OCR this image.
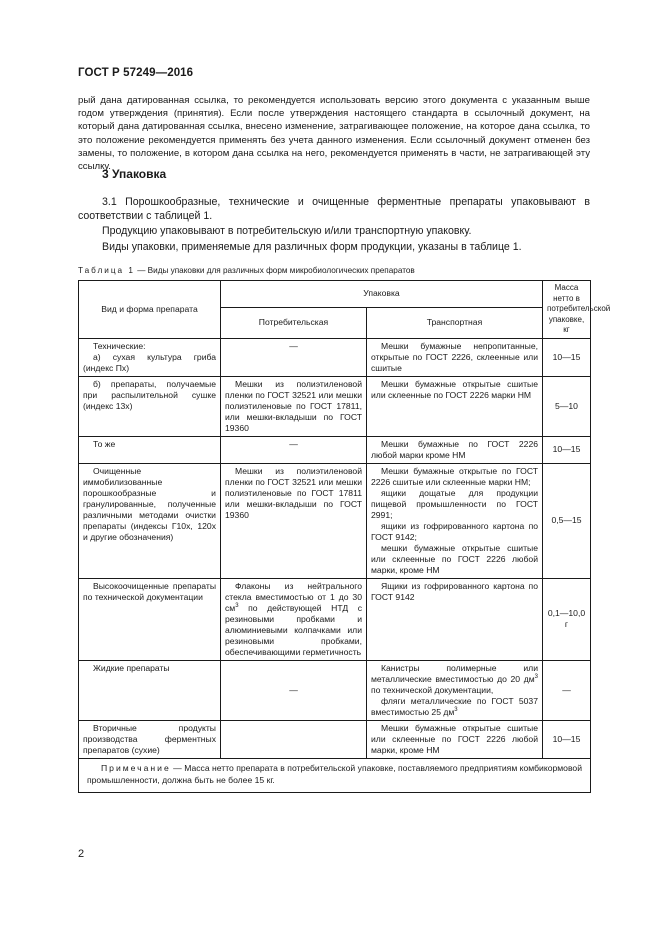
ГОСТ Р 57249—2016

рый дана датированная ссылка, то рекомендуется использовать версию этого документа с указанным выше годом утверждения (принятия). Если после утверждения настоящего стандарта в ссылочный документ, на который дана датированная ссылка, внесено изменение, затрагивающее положение, на которое дана ссылка, то это положение рекомендуется применять без учета данного изменения. Если ссылочный документ отменен без замены, то положение, в котором дана ссылка на него, рекомендуется применять в части, не затрагивающей эту ссылку.

3 Упаковка

3.1 Порошкообразные, технические и очищенные ферментные препараты упаковывают в соответствии с таблицей 1.

Продукцию упаковывают в потребительскую и/или транспортную упаковку.

Виды упаковки, применяемые для различных форм продукции, указаны в таблице 1.

Таблица 1 — Виды упаковки для различных форм микробиологических препаратов

Вид и форма препарата	Упаковка		Масса нетто в потребительской упаковке, кг
	Потребительская	Транспортная	

Технические:
а) сухая культура гриба (индекс Пх)	—	Мешки бумажные непропитанные, открытые по ГОСТ 2226, склеенные или сшитые	10—15
б) препараты, получаемые при распылительной сушке (индекс 13х)	Мешки из полиэтиленовой пленки по ГОСТ 32521 или мешки полиэтиленовые по ГОСТ 17811, или мешки-вкладыши по ГОСТ 19360	Мешки бумажные открытые сшитые или склеенные по ГОСТ 2226 марки НМ	5—10
То же	—	Мешки бумажные по ГОСТ 2226 любой марки кроме НМ	10—15
Очищенные иммобилизованные порошкообразные и гранулированные, полученные различными методами очистки препараты (индексы Г10х, 120х и другие обозначения)	Мешки из полиэтиленовой пленки по ГОСТ 32521 или мешки полиэтиленовые по ГОСТ 17811 или мешки-вкладыши по ГОСТ 19360	Мешки бумажные открытые по ГОСТ 2226 сшитые или склеенные марки НМ;
ящики дощатые для продукции пищевой промышленности по ГОСТ 2991;
ящики из гофрированного картона по ГОСТ 9142;
мешки бумажные открытые сшитые или склеенные по ГОСТ 2226 любой марки, кроме НМ	0,5—15
Высокоочищенные препараты по технической документации	Флаконы из нейтрального стекла вместимостью от 1 до 30 $см^3$ по действующей НТД с резиновыми пробками и алюминиевыми колпачками или резиновыми пробками, обеспечивающими герметичность	Ящики из гофрированного картона по ГОСТ 9142	0,1—10,0 г
Жидкие препараты	—	Канистры полимерные или металлические вместимостью до 20 $дм^3$ по технической документации,
фляги металлические по ГОСТ 5037 вместимостью 25 $дм^3$	—
Вторичные продукты производства ферментных препаратов (сухие)		Мешки бумажные открытые сшитые или склеенные по ГОСТ 2226 любой марки, кроме НМ	10—15
Примечание — Масса нетто препарата в потребительской упаковке, поставляемого предприятиям комбикормовой промышленности, должна быть не более 15 кг.			
2
